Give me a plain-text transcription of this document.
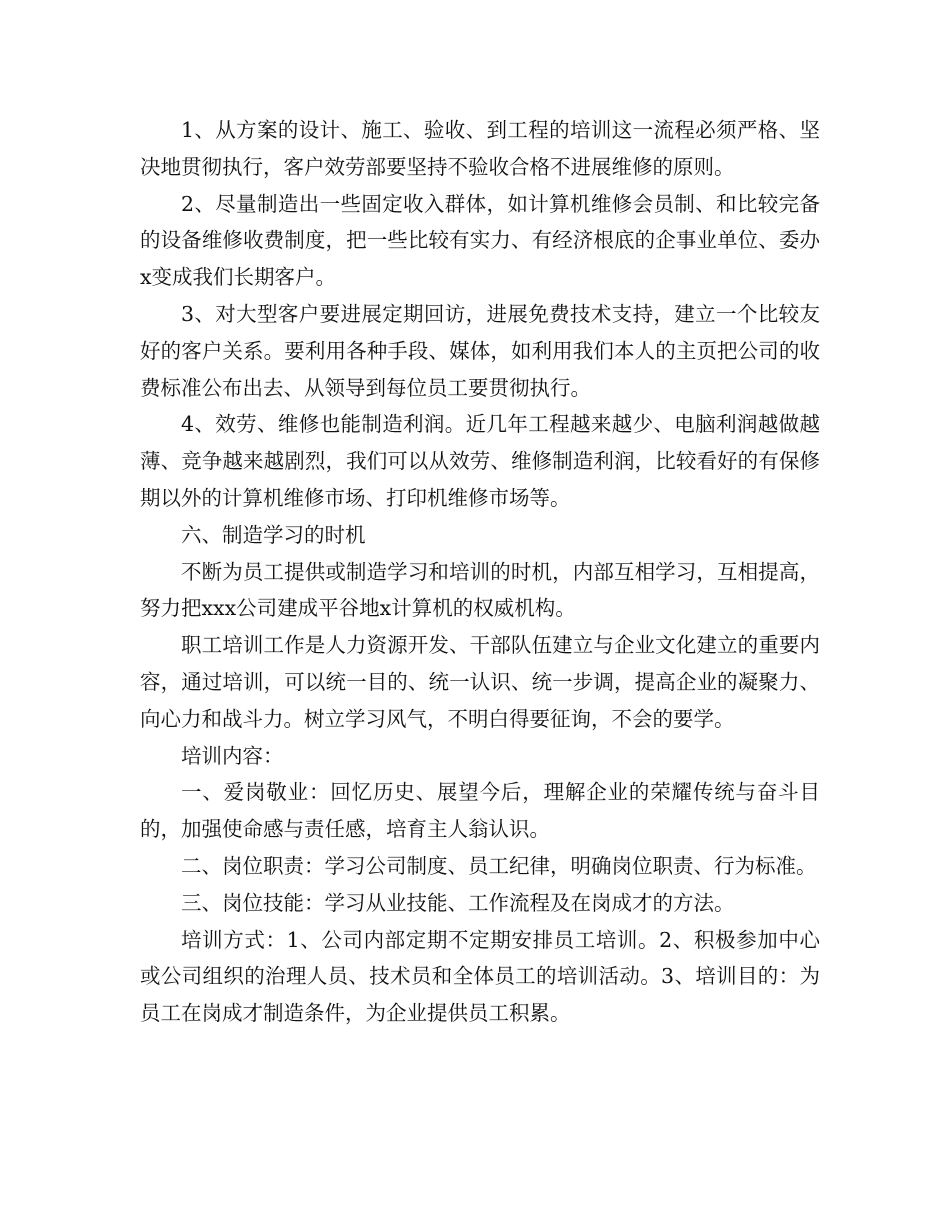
1、从方案的设计、施工、验收、到工程的培训这一流程必须严格、坚决地贯彻执行，客户效劳部要坚持不验收合格不进展维修的原则。

2、尽量制造出一些固定收入群体，如计算机维修会员制、和比较完备的设备维修收费制度，把一些比较有实力、有经济根底的企事业单位、委办x变成我们长期客户。

3、对大型客户要进展定期回访，进展免费技术支持，建立一个比较友好的客户关系。要利用各种手段、媒体，如利用我们本人的主页把公司的收费标准公布出去、从领导到每位员工要贯彻执行。

4、效劳、维修也能制造利润。近几年工程越来越少、电脑利润越做越薄、竞争越来越剧烈，我们可以从效劳、维修制造利润，比较看好的有保修期以外的计算机维修市场、打印机维修市场等。

六、制造学习的时机

不断为员工提供或制造学习和培训的时机，内部互相学习，互相提高，努力把xxx公司建成平谷地x计算机的权威机构。

职工培训工作是人力资源开发、干部队伍建立与企业文化建立的重要内容，通过培训，可以统一目的、统一认识、统一步调，提高企业的凝聚力、向心力和战斗力。树立学习风气，不明白得要征询，不会的要学。

培训内容：

一、爱岗敬业：回忆历史、展望今后，理解企业的荣耀传统与奋斗目的，加强使命感与责任感，培育主人翁认识。

二、岗位职责：学习公司制度、员工纪律，明确岗位职责、行为标准。

三、岗位技能：学习从业技能、工作流程及在岗成才的方法。

培训方式：1、公司内部定期不定期安排员工培训。2、积极参加中心或公司组织的治理人员、技术员和全体员工的培训活动。3、培训目的：为员工在岗成才制造条件，为企业提供员工积累。
